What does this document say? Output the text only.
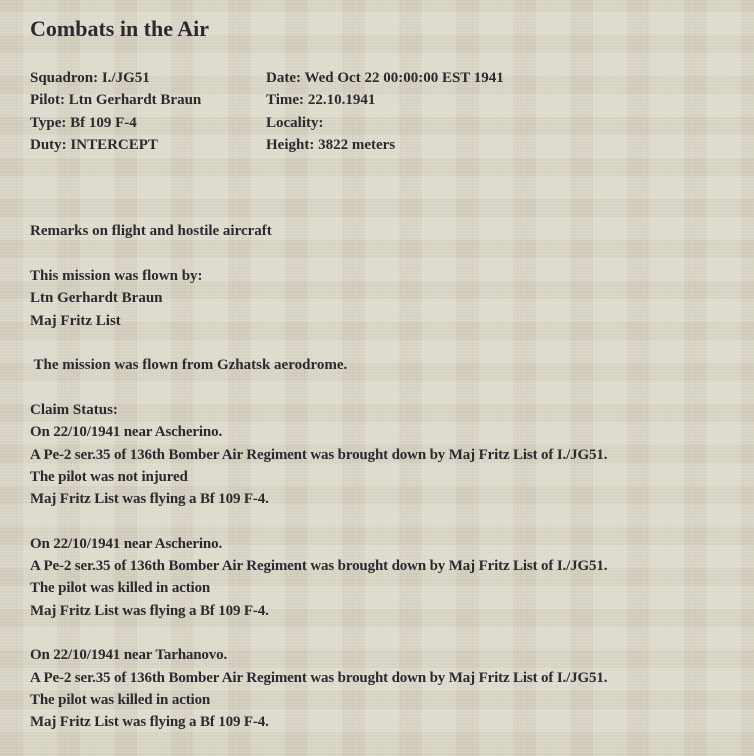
Combats in the Air
Squadron: I./JG51
Pilot: Ltn Gerhardt Braun
Type: Bf 109 F-4
Duty: INTERCEPT
Date: Wed Oct 22 00:00:00 EST 1941
Time: 22.10.1941
Locality:
Height: 3822 meters
Remarks on flight and hostile aircraft
This mission was flown by:
Ltn Gerhardt Braun
Maj Fritz List
The mission was flown from Gzhatsk aerodrome.
Claim Status:
On 22/10/1941 near Ascherino.
A Pe-2 ser.35 of 136th Bomber Air Regiment was brought down by Maj Fritz List of I./JG51.
The pilot was not injured
Maj Fritz List was flying a Bf 109 F-4.
On 22/10/1941 near Ascherino.
A Pe-2 ser.35 of 136th Bomber Air Regiment was brought down by Maj Fritz List of I./JG51.
The pilot was killed in action
Maj Fritz List was flying a Bf 109 F-4.
On 22/10/1941 near Tarhanovo.
A Pe-2 ser.35 of 136th Bomber Air Regiment was brought down by Maj Fritz List of I./JG51.
The pilot was killed in action
Maj Fritz List was flying a Bf 109 F-4.
